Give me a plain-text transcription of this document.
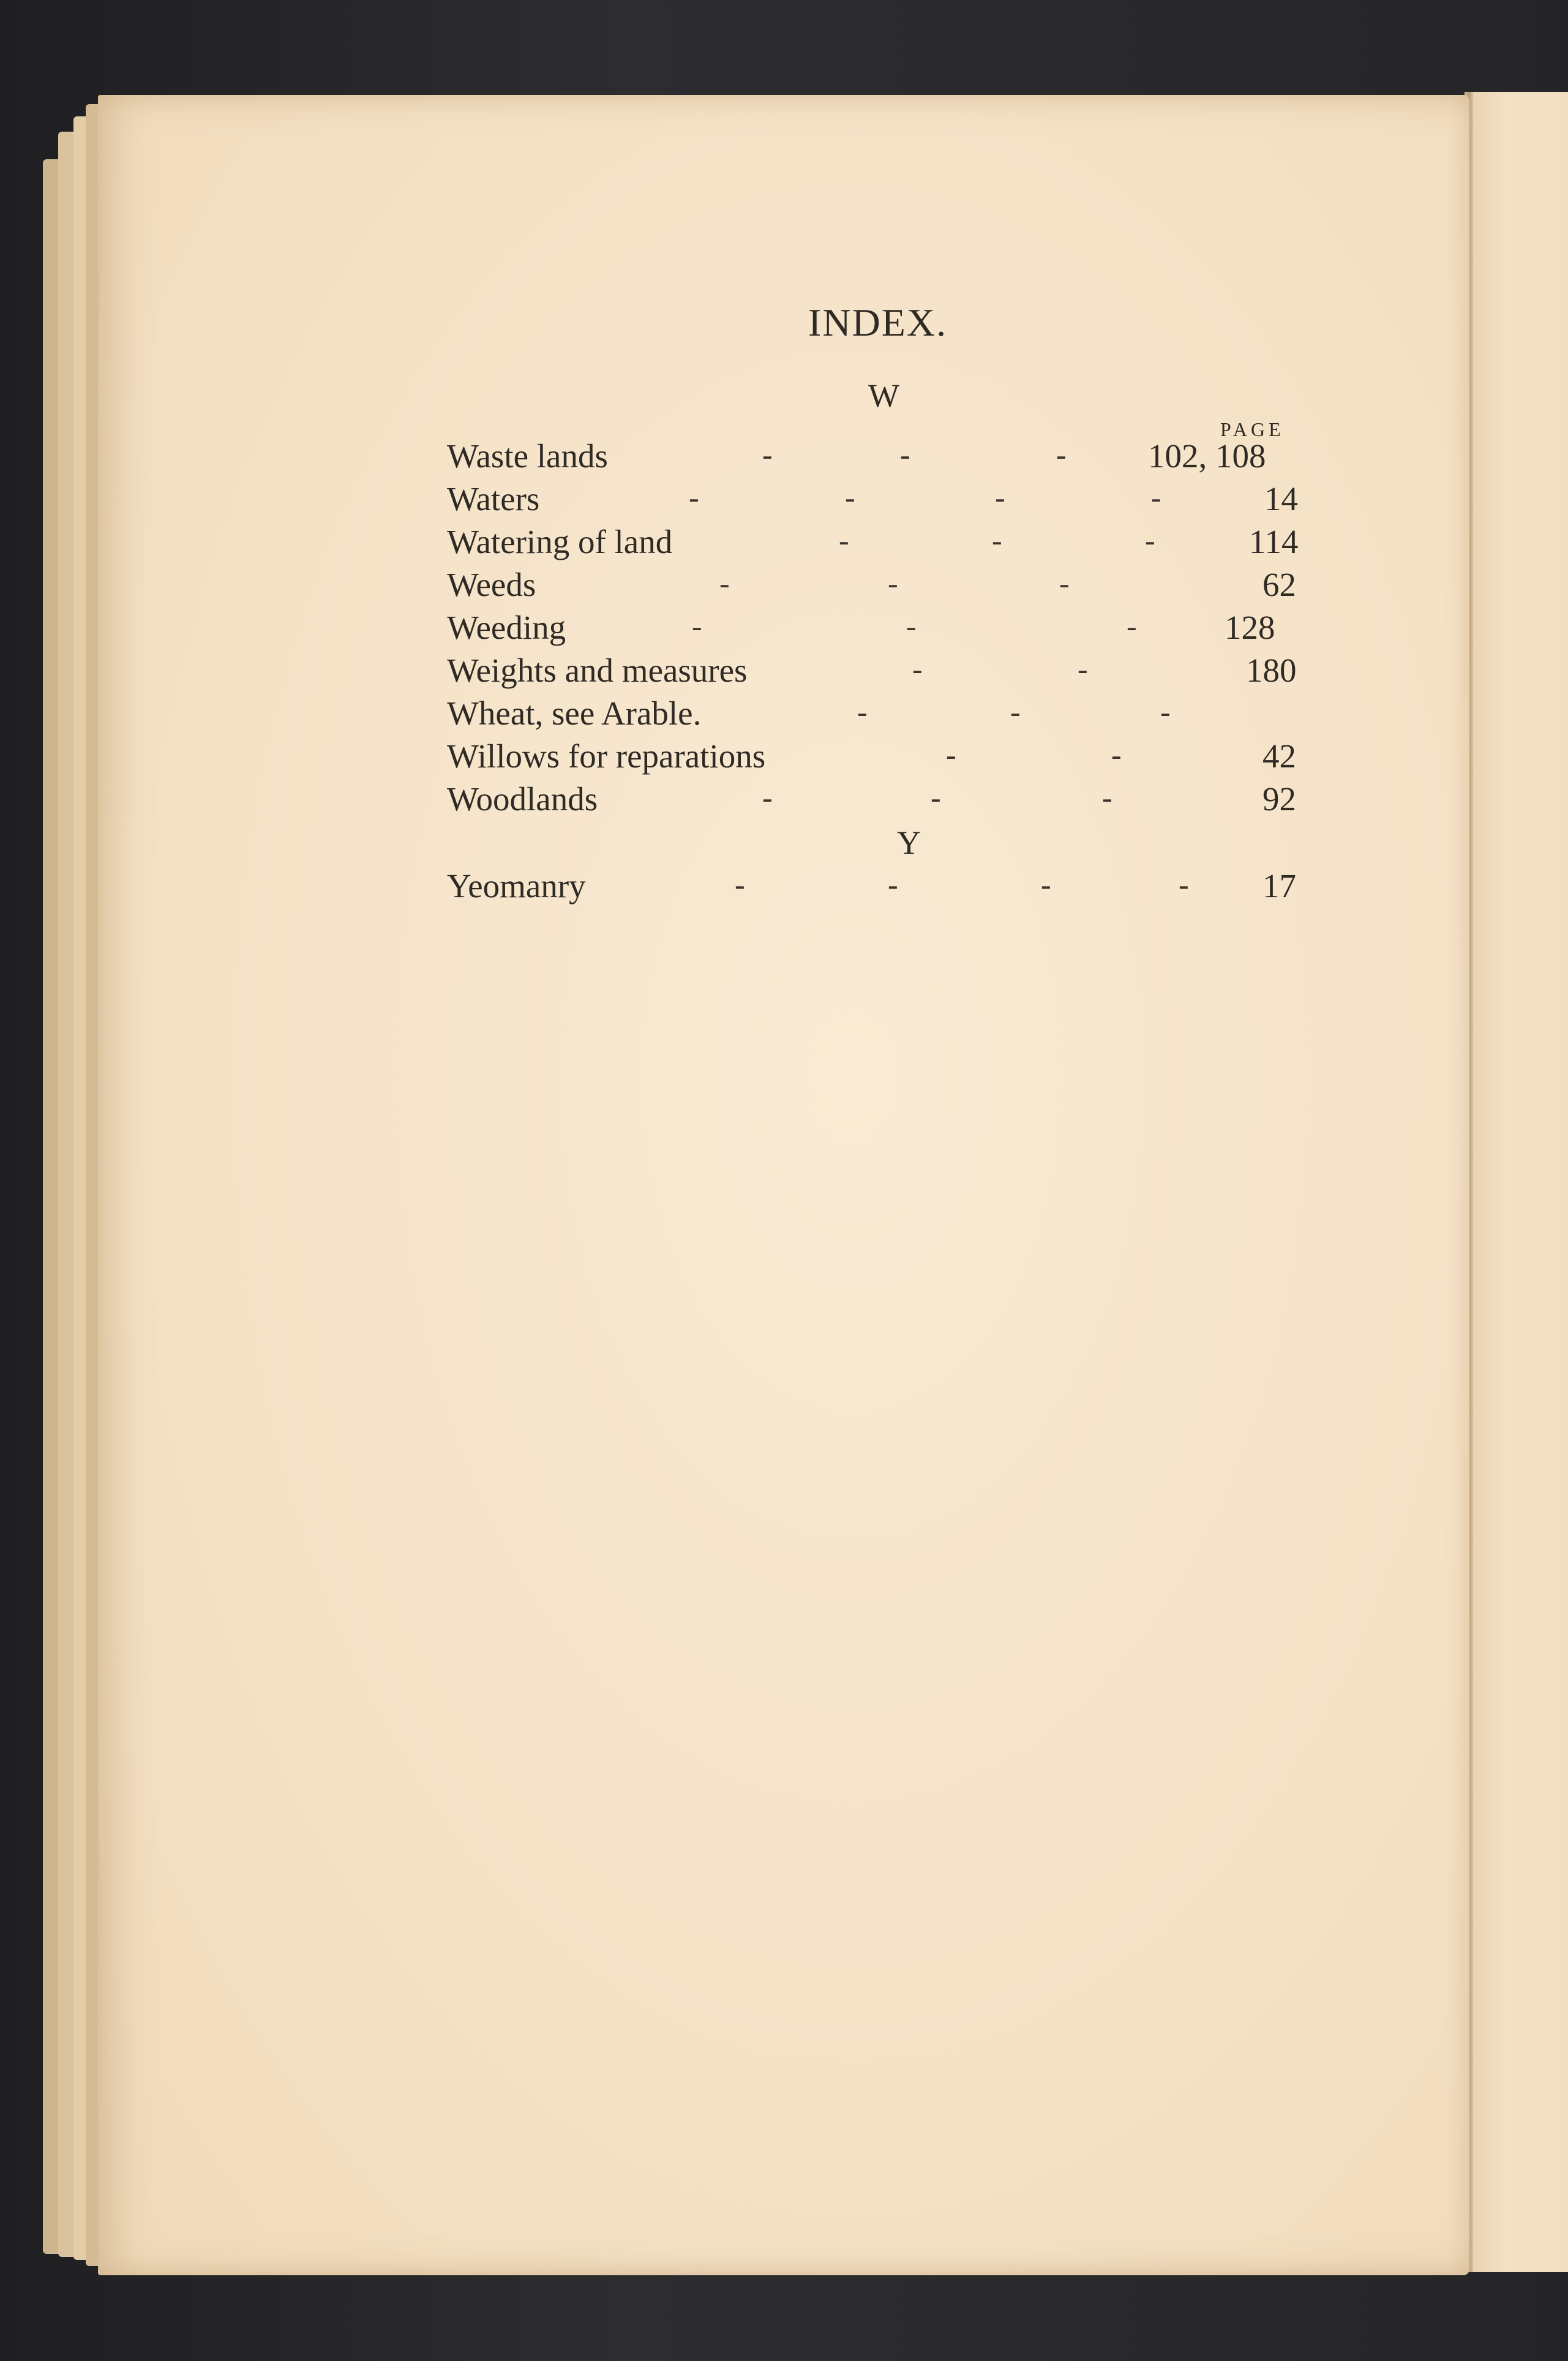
INDEX.
W
PAGE
Waste lands	102, 108
Waters	14
Watering of land	114
Weeds	62
Weeding	128
Weights and measures	180
Wheat, see Arable.
Willows for reparations	42
Woodlands	92
Y
Yeomanry	17
-	-	-
-	-	-	-
-	-	-
-	-	-
-	-	-
-	-
-	-	-
-	-
-	-	-
-	-	-	-
